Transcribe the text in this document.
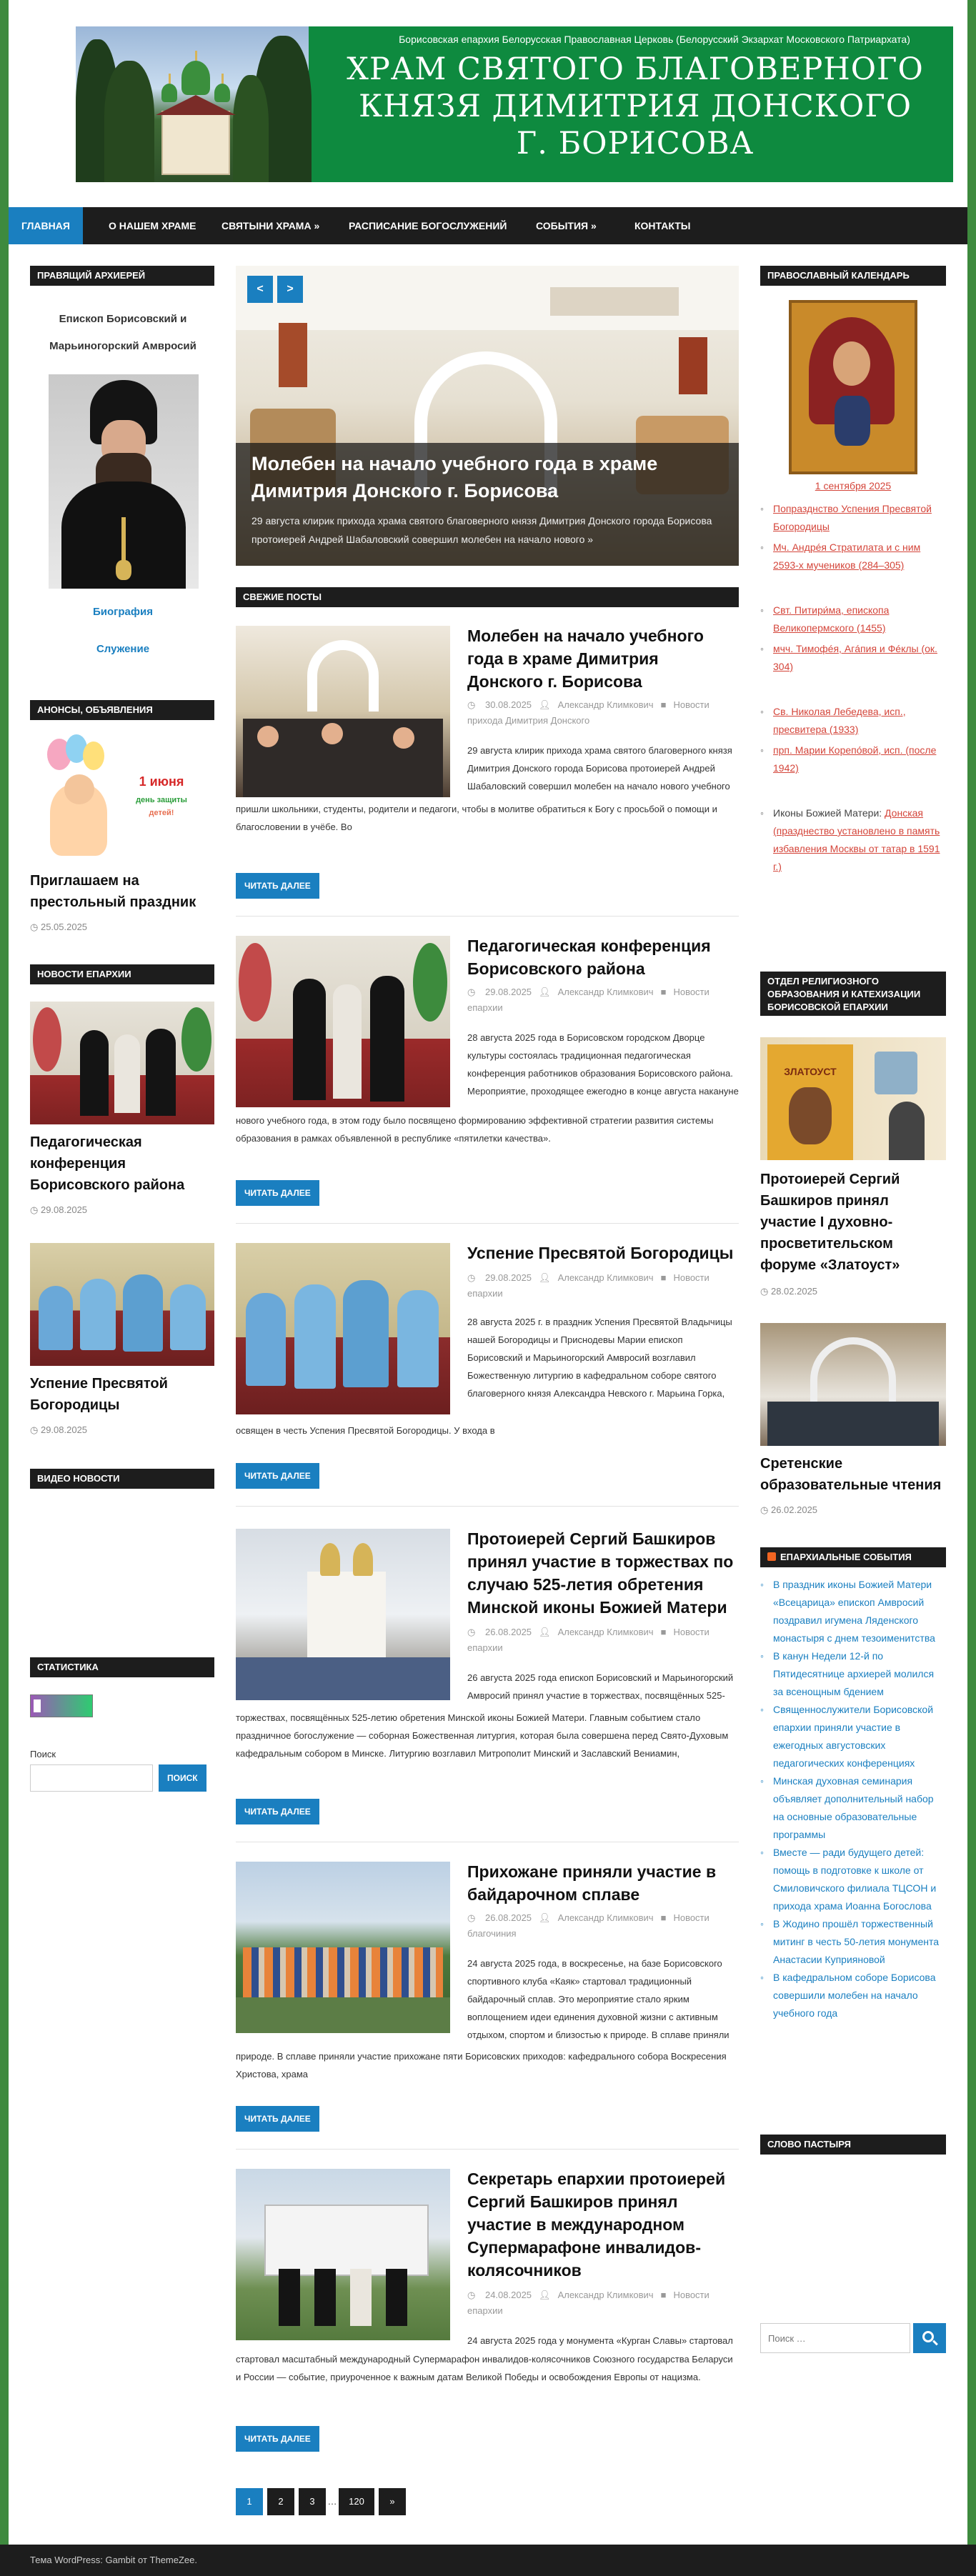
Борисовская епархия Белорусская Православная Церковь (Белорусский Экзархат Московского Патриархата)
ХРАМ СВЯТОГО БЛАГОВЕРНОГО
КНЯЗЯ ДИМИТРИЯ ДОНСКОГО
Г. БОРИСОВА
ГЛАВНАЯ	О НАШЕМ ХРАМЕ	СВЯТЫНИ ХРАМА »	РАСПИСАНИЕ БОГОСЛУЖЕНИЙ	СОБЫТИЯ »	КОНТАКТЫ
ПРАВЯЩИЙ АРХИЕРЕЙ
Епископ Борисовский и Марьиногорский Амвросий
Биография
Служение
АНОНСЫ, ОБЪЯВЛЕНИЯ
1 июня
день защиты
детей!
Приглашаем на престольный праздник
◷ 25.05.2025
НОВОСТИ ЕПАРХИИ
Педагогическая конференция Борисовского района
◷ 29.08.2025
Успение Пресвятой Богородицы
◷ 29.08.2025
ВИДЕО НОВОСТИ
СТАТИСТИКА
Поиск
ПОИСК
<	>
Молебен на начало учебного года в храме Димитрия Донского г. Борисова
29 августа клирик прихода храма святого благоверного князя Димитрия Донского города Борисова протоиерей Андрей Шабаловский совершил молебен на начало нового »
СВЕЖИЕ ПОСТЫ
Молебен на начало учебного года в храме Димитрия Донского г. Борисова
◷ 30.08.2025 👤︎ Александр Климкович ■ Новости прихода Димитрия Донского
29 августа клирик прихода храма святого благоверного князя Димитрия Донского города Борисова протоиерей Андрей Шабаловский совершил молебен на начало нового учебного
пришли школьники, студенты, родители и педагоги, чтобы в молитве обратиться к Богу с просьбой о помощи и благословении в учёбе. Во
ЧИТАТЬ ДАЛЕЕ
Педагогическая конференция Борисовского района
◷ 29.08.2025 👤︎ Александр Климкович ■ Новости епархии
28 августа 2025 года в Борисовском городском Дворце культуры состоялась традиционная педагогическая конференция работников образования Борисовского района. Мероприятие, проходящее ежегодно в конце августа накануне
нового учебного года, в этом году было посвящено формированию эффективной стратегии развития системы образования в рамках объявленной в республике «пятилетки качества».
ЧИТАТЬ ДАЛЕЕ
Успение Пресвятой Богородицы
◷ 29.08.2025 👤︎ Александр Климкович ■ Новости епархии
28 августа 2025 г. в праздник Успения Пресвятой Владычицы нашей Богородицы и Приснодевы Марии епископ Борисовский и Марьиногорский Амвросий возглавил Божественную литургию в кафедральном соборе святого благоверного князя Александра Невского г. Марьина Горка,
освящен в честь Успения Пресвятой Богородицы. У входа в
ЧИТАТЬ ДАЛЕЕ
Протоиерей Сергий Башкиров принял участие в торжествах по случаю 525-летия обретения Минской иконы Божией Матери
◷ 26.08.2025 👤︎ Александр Климкович ■ Новости епархии
26 августа 2025 года епископ Борисовский и Марьиногорский Амвросий принял участие в торжествах, посвящённых 525-
торжествах, посвящённых 525-летию обретения Минской иконы Божией Матери. Главным событием стало праздничное богослужение — соборная Божественная литургия, которая была совершена перед Свято-Духовым кафедральным собором в Минске. Литургию возглавил Митрополит Минский и Заславский Вениамин,
ЧИТАТЬ ДАЛЕЕ
Прихожане приняли участие в байдарочном сплаве
◷ 26.08.2025 👤︎ Александр Климкович ■ Новости благочиния
24 августа 2025 года, в воскресенье, на базе Борисовского спортивного клуба «Каяк» стартовал традиционный байдарочный сплав. Это мероприятие стало ярким воплощением идеи единения духовной жизни с активным отдыхом, спортом и близостью к природе. В сплаве приняли
природе. В сплаве приняли участие прихожане пяти Борисовских приходов: кафедрального собора Воскресения Христова, храма
ЧИТАТЬ ДАЛЕЕ
Секретарь епархии протоиерей Сергий Башкиров принял участие в международном Супермарафоне инвалидов-колясочников
◷ 24.08.2025 👤︎ Александр Климкович ■ Новости епархии
24 августа 2025 года у монумента «Курган Славы» стартовал
стартовал масштабный международный Супермарафон инвалидов-колясочников Союзного государства Беларуси и России — событие, приуроченное к важным датам Великой Победы и освобождения Европы от нацизма.
ЧИТАТЬ ДАЛЕЕ
1	2	3	…	120	»
ПРАВОСЛАВНЫЙ КАЛЕНДАРЬ
1 сентября 2025
◦ Попразднство Успения Пресвятой Богородицы
◦ Мч. Андрéя Стратилата и с ним 2593-х мучеников (284–305)
◦ Свт. Питири́ма, епископа Великопермского (1455)
◦ мчч. Тимофéя, Агáпия и Фéклы (ок. 304)
◦ Св. Николая Лебедева, исп., пресвитера (1933)
◦ прп. Марии Корепо́вой, исп. (после 1942)
◦ Иконы Божией Матери: Донская (празднество установлено в память избавления Москвы от татар в 1591 г.)
ОТДЕЛ РЕЛИГИОЗНОГО ОБРАЗОВАНИЯ И КАТЕХИЗАЦИИ БОРИСОВСКОЙ ЕПАРХИИ
ЗЛАТОУСТ
Протоиерей Сергий Башкиров принял участие І духовно-просветительском форуме «Златоуст»
◷ 28.02.2025
Сретенские образовательные чтения
◷ 26.02.2025
ЕПАРХИАЛЬНЫЕ СОБЫТИЯ
◦ В праздник иконы Божией Матери «Всецарица» епископ Амвросий поздравил игумена Ляденского монастыря с днем тезоименитства
◦ В канун Недели 12-й по Пятидесятнице архиерей молился за всенощным бдением
◦ Священнослужители Борисовской епархии приняли участие в ежегодных августовских педагогических конференциях
◦ Минская духовная семинария объявляет дополнительный набор на основные образовательные программы
◦ Вместе — ради будущего детей: помощь в подготовке к школе от Смиловичского филиала ТЦСОН и прихода храма Иоанна Богослова
◦ В Жодино прошёл торжественный митинг в честь 50-летия монумента Анастасии Куприяновой
◦ В кафедральном соборе Борисова совершили молебен на начало учебного года
СЛОВО ПАСТЫРЯ
Поиск …
Тема WordPress: Gambit от ThemeZee.
